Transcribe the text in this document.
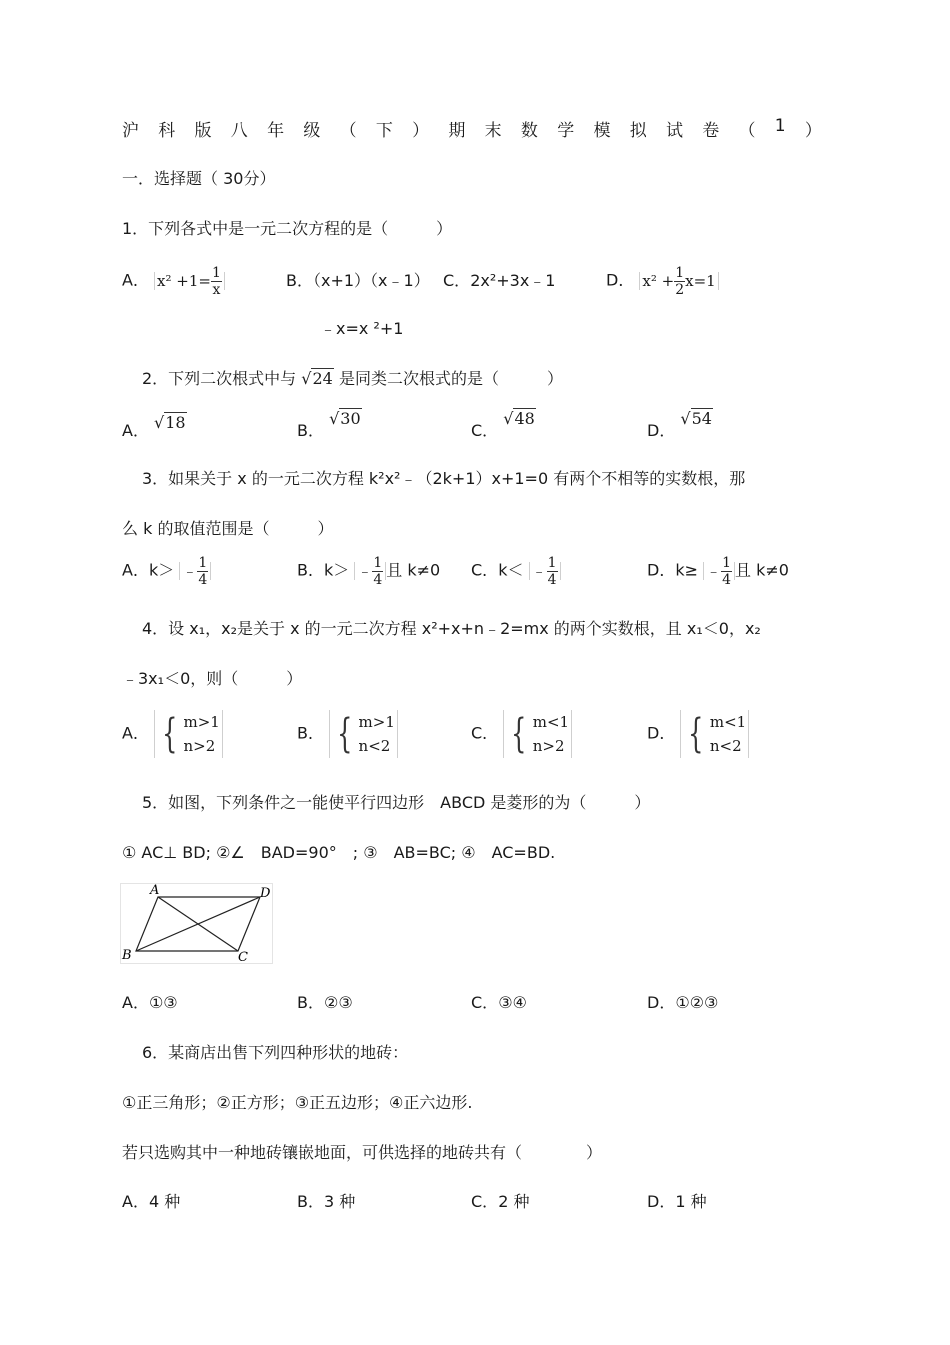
沪 科 版 八 年 级 （ 下 ） 期 末 数 学 模 拟 试 卷 （ 1 ）
一．选择题（ 30分）
1．下列各式中是一元二次方程的是（　　　）
A． $x^2 +1= \frac{1}{x}$	B．（x+1）（x﹣1） C．2x²+3x﹣1	D． $x^2 + \frac{1}{2} x=1$
﹣x=x ²+1
2．下列二次根式中与 √24 是同类二次根式的是（　　　）
A． √18	B． √30
C． √48
D． √54
3．如果关于 x 的一元二次方程 k²x²﹣（2k+1）x+1=0 有两个不相等的实数根，那
么 k 的取值范围是（　　　）
A．k＞ ﹣ $\frac{1}{4}$	B．k＞ ﹣ $\frac{1}{4}$ 且 k≠0 C．k＜ ﹣ $\frac{1}{4}$	D．k≥ ﹣ $\frac{1}{4}$ 且 k≠0
4．设 x₁，x₂是关于 x 的一元二次方程 x²+x+n﹣2=mx 的两个实数根，且 x₁＜0，x₂
﹣3x₁＜0，则（　　　）
A． { m>1
n>2
B． { m>1
n<2
C． { m<1
n>2
D． { m<1
n<2
5．如图，下列条件之一能使平行四边形　ABCD 是菱形的为（　　　）
① AC⊥ BD; ②∠　BAD=90°　; ③　AB=BC; ④　AC=BD.
A	D
B	C
A．①③	B．②③	C．③④	D．①②③
6．某商店出售下列四种形状的地砖：
①正三角形；②正方形；③正五边形；④正六边形.
若只选购其中一种地砖镶嵌地面，可供选择的地砖共有（　　　　）
A．4 种	B．3 种	C．2 种	D．1 种
